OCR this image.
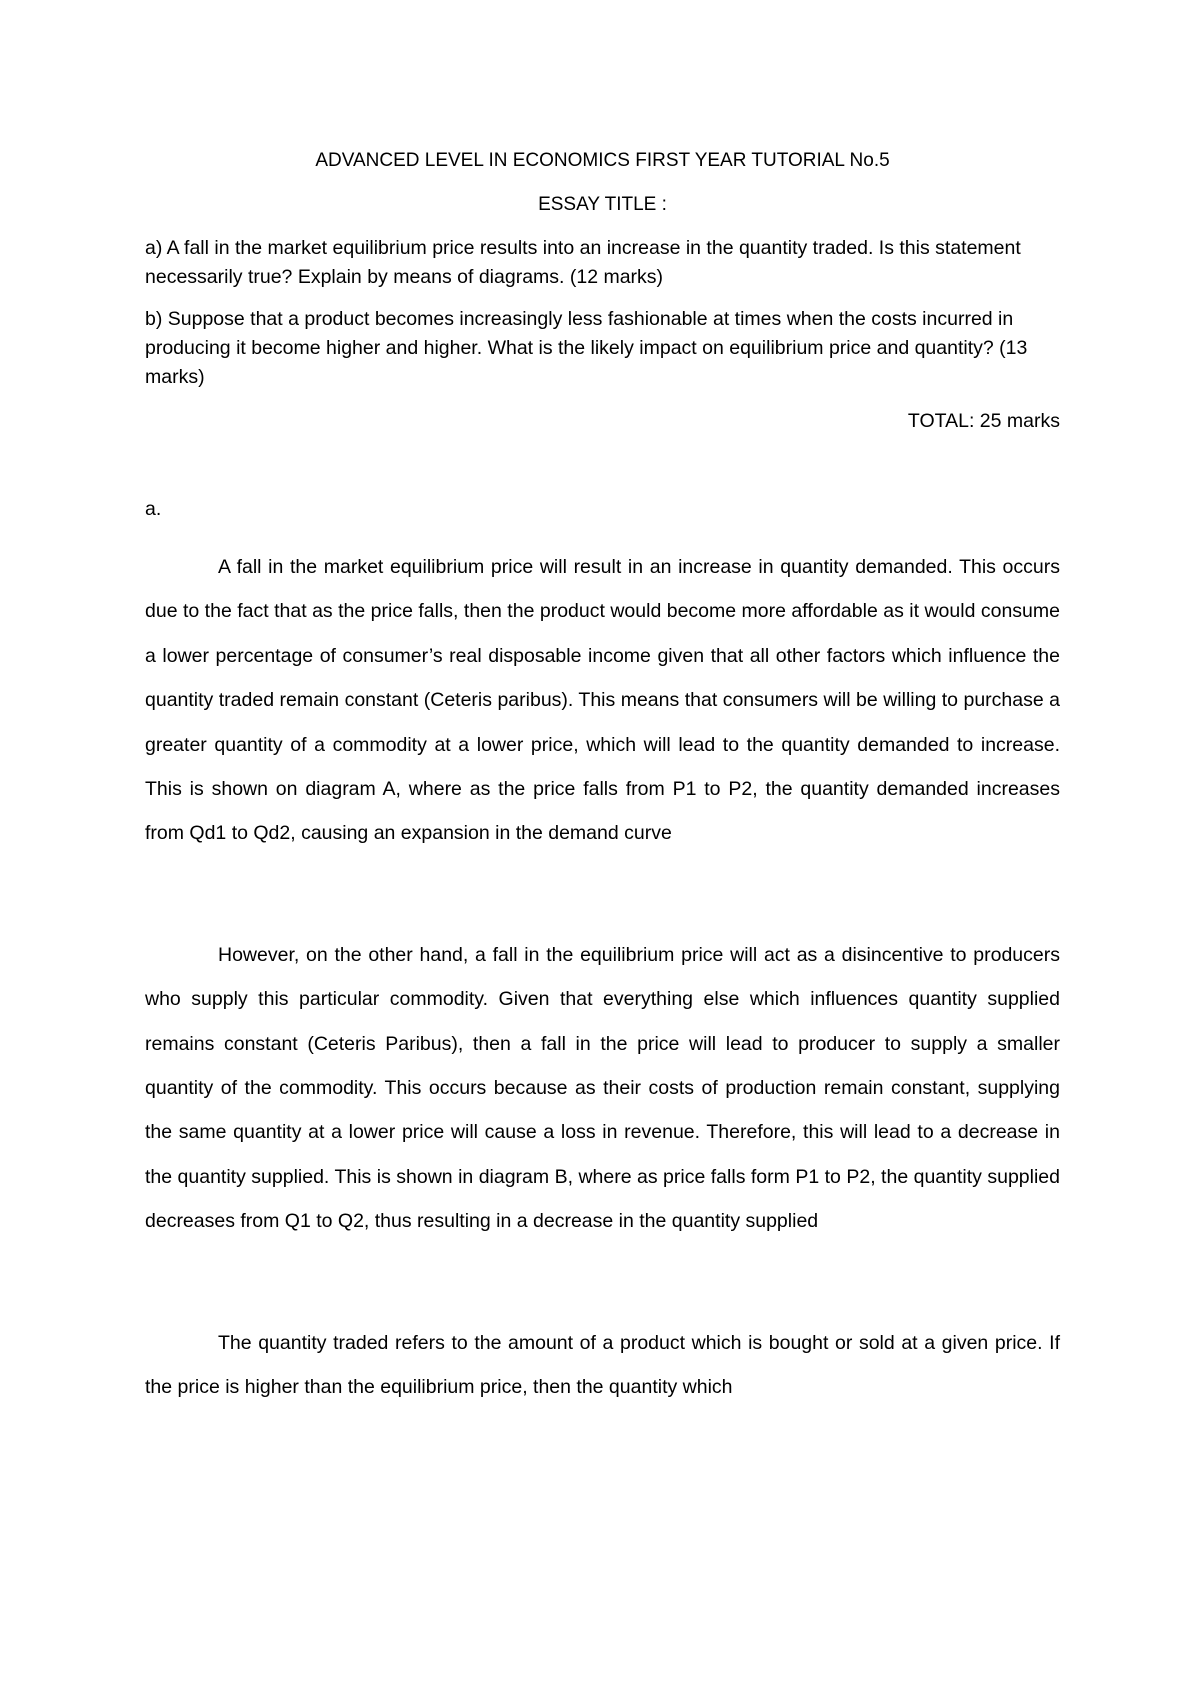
ADVANCED LEVEL IN ECONOMICS FIRST YEAR TUTORIAL No.5

ESSAY TITLE :

a) A fall in the market equilibrium price results into an increase in the quantity traded. Is this statement necessarily true? Explain by means of diagrams. (12 marks)

b) Suppose that a product becomes increasingly less fashionable at times when the costs incurred in producing it become higher and higher. What is the likely impact on equilibrium price and quantity? (13 marks)

TOTAL: 25 marks

a.

A fall in the market equilibrium price will result in an increase in quantity demanded. This occurs due to the fact that as the price falls, then the product would become more affordable as it would consume a lower percentage of consumer’s real disposable income given that all other factors which influence the quantity traded remain constant (Ceteris paribus). This means that consumers will be willing to purchase a greater quantity of a commodity at a lower price, which will lead to the quantity demanded to increase. This is shown on diagram A, where as the price falls from P1 to P2, the quantity demanded increases from Qd1 to Qd2, causing an expansion in the demand curve

However, on the other hand, a fall in the equilibrium price will act as a disincentive to producers who supply this particular commodity. Given that everything else which influences quantity supplied remains constant (Ceteris Paribus), then a fall in the price will lead to producer to supply a smaller quantity of the commodity. This occurs because as their costs of production remain constant, supplying the same quantity at a lower price will cause a loss in revenue. Therefore, this will lead to a decrease in the quantity supplied. This is shown in diagram B, where as price falls form P1 to P2, the quantity supplied decreases from Q1 to Q2, thus resulting in a decrease in the quantity supplied

The quantity traded refers to the amount of a product which is bought or sold at a given price. If the price is higher than the equilibrium price, then the quantity which
